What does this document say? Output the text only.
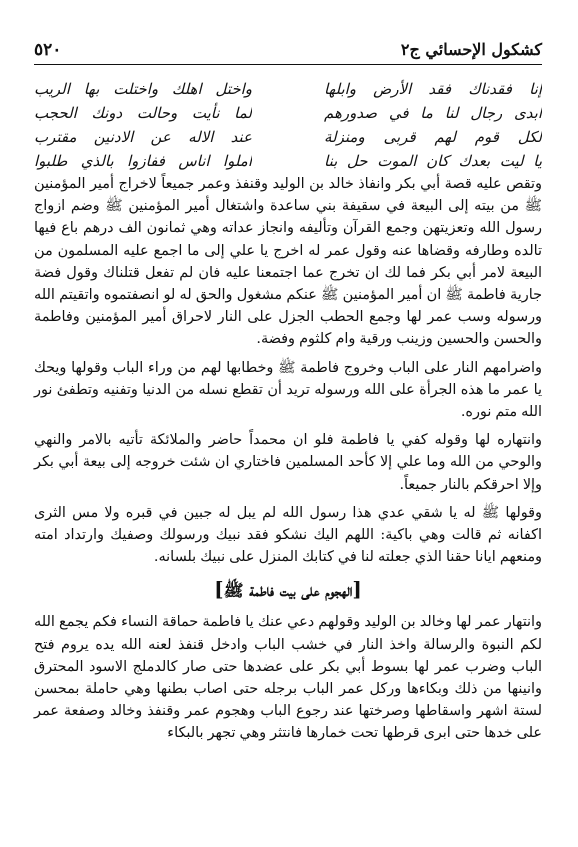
كشكول الإحسائي ج٢
٥٢٠
إنا فقدناك فقد الأرض وابلها
واختل اهلك واختلت بها الريب
ابدى رجال لنا ما في صدورهم
لما نأيت وحالت دونك الحجب
لكل قوم لهم قربى ومنزلة
عند الاله عن الادنين مقترب
يا ليت بعدك كان الموت حل بنا
املوا اناس ففازوا بالذي طلبوا

وتقص عليه قصة أبي بكر وانفاذ خالد بن الوليد وقنفذ وعمر جميعاً لاخراج أمير المؤمنين ﷺ من بيته إلى البيعة في سقيفة بني ساعدة واشتغال أمير المؤمنين ﷺ وضم ازواج رسول الله وتعزيتهن وجمع القرآن وتأليفه وانجاز عداته وهي ثمانون الف درهم باع فيها تالده وطارفه وقضاها عنه وقول عمر له اخرج يا علي إلى ما اجمع عليه المسلمون من البيعة لامر أبي بكر فما لك ان تخرج عما اجتمعنا عليه فان لم تفعل قتلناك وقول فضة جارية فاطمة ﷺ ان أمير المؤمنين ﷺ عنكم مشغول والحق له لو انصفتموه واتقيتم الله ورسوله وسب عمر لها وجمع الحطب الجزل على النار لاحراق أمير المؤمنين وفاطمة والحسن والحسين وزينب ورقية وام كلثوم وفضة.

واضرامهم النار على الباب وخروج فاطمة ﷺ وخطابها لهم من وراء الباب وقولها ويحك يا عمر ما هذه الجرأة على الله ورسوله تريد أن تقطع نسله من الدنيا وتفنيه وتطفئ نور الله متم نوره.

وانتهاره لها وقوله كفي يا فاطمة فلو ان محمداً حاضر والملائكة تأتيه بالامر والنهي والوحي من الله وما علي إلا كأحد المسلمين فاختاري ان شئت خروجه إلى بيعة أبي بكر وإلا احرقكم بالنار جميعاً.

وقولها ﷺ له يا شقي عدي هذا رسول الله لم يبل له جبين في قبره ولا مس الثرى اكفانه ثم قالت وهي باكية: اللهم اليك نشكو فقد نبيك ورسولك وصفيك وارتداد امته ومنعهم ايانا حقنا الذي جعلته لنا في كتابك المنزل على نبيك بلسانه.

[الهجوم على بيت فاطمة ﷺ]

وانتهار عمر لها وخالد بن الوليد وقولهم دعي عنك يا فاطمة حماقة النساء فكم يجمع الله لكم النبوة والرسالة واخذ النار في خشب الباب وادخل قنفذ لعنه الله يده يروم فتح الباب وضرب عمر لها بسوط أبي بكر على عضدها حتى صار كالدملج الاسود المحترق وانينها من ذلك وبكاءها وركل عمر الباب برجله حتى اصاب بطنها وهي حاملة بمحسن لستة اشهر واسقاطها وصرختها عند رجوع الباب وهجوم عمر وقنفذ وخالد وصفعة عمر على خدها حتى ابرى قرطها تحت خمارها فانتثر وهي تجهر بالبكاء
